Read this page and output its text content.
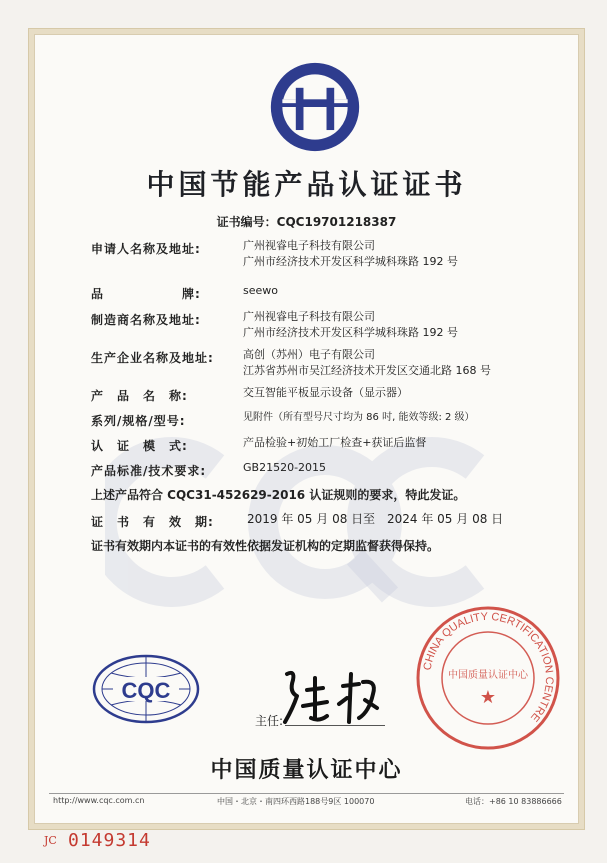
中国节能产品认证证书
证书编号：CQC19701218387
申请人名称及地址:	广州视睿电子科技有限公司
广州市经济技术开发区科学城科珠路 192 号
品　　　　　　牌:	seewo
制造商名称及地址:	广州视睿电子科技有限公司
广州市经济技术开发区科学城科珠路 192 号
生产企业名称及地址:	高创（苏州）电子有限公司
江苏省苏州市吴江经济技术开发区交通北路 168 号
产　品　名　称:	交互智能平板显示设备（显示器）
系列/规格/型号:	见附件（所有型号尺寸均为 86 吋, 能效等级: 2 级）
认　证　模　式:	产品检验+初始工厂检查+获证后监督
产品标准/技术要求:	GB21520-2015
上述产品符合 CQC31-452629-2016 认证规则的要求，特此发证。
证　书　有　效　期:	2019 年 05 月 08 日 至 2024 年 05 月 08 日
证书有效期内本证书的有效性依据发证机构的定期监督获得保持。
CQC
主任:
CHINA QUALITY CERTIFICATION CENTRE
中国质量认证中心
★
中国质量认证中心
http://www.cqc.com.cn	中国・北京・南四环西路188号9区 100070	电话：+86 10 83886666
JC 0149314
